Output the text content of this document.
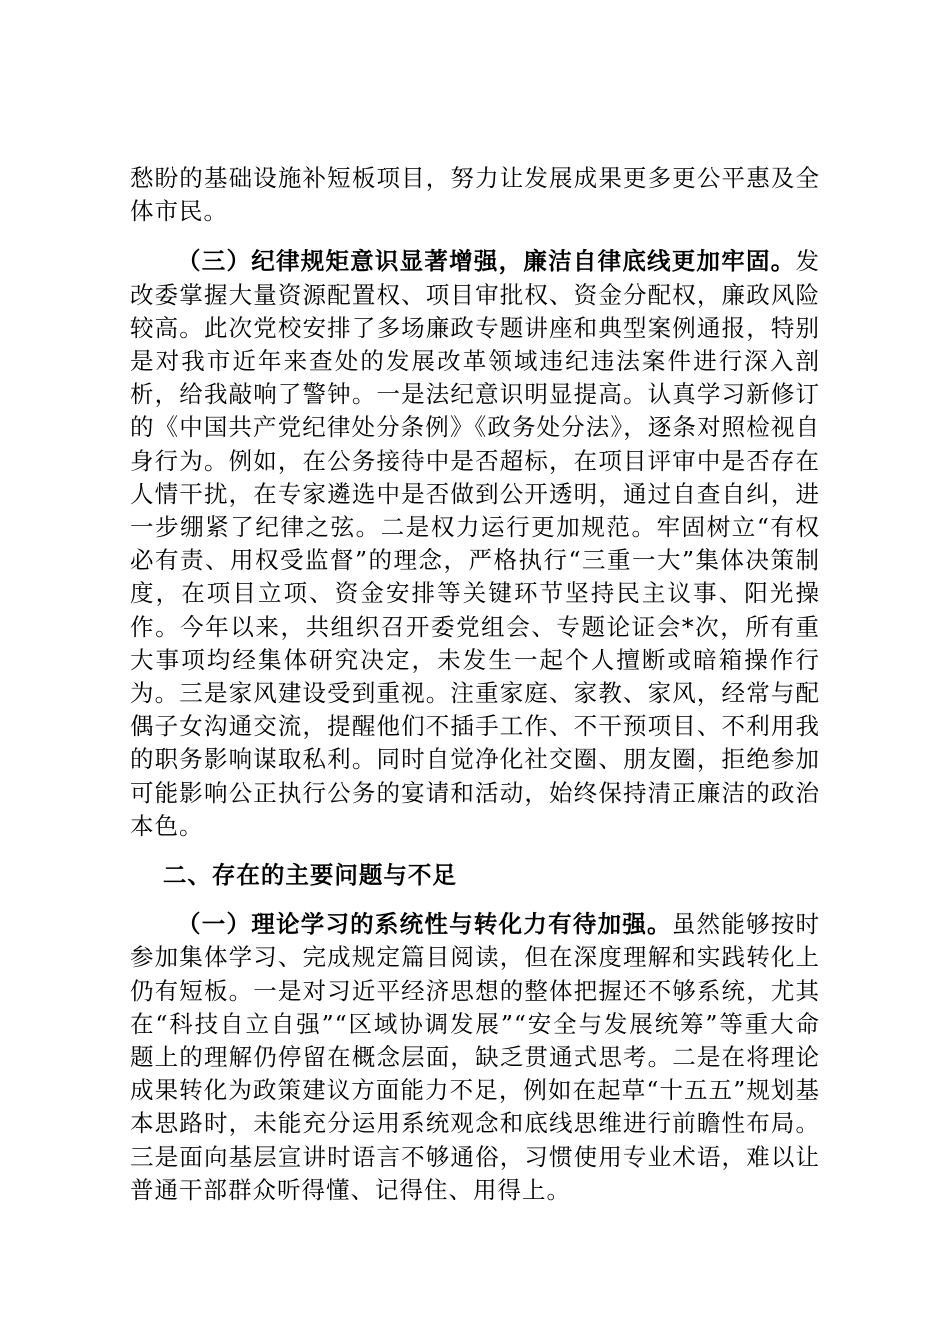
愁盼的基础设施补短板项目，努力让发展成果更多更公平惠及全体市民。

（三）纪律规矩意识显著增强，廉洁自律底线更加牢固。发改委掌握大量资源配置权、项目审批权、资金分配权，廉政风险较高。此次党校安排了多场廉政专题讲座和典型案例通报，特别是对我市近年来查处的发展改革领域违纪违法案件进行深入剖析，给我敲响了警钟。一是法纪意识明显提高。认真学习新修订的《中国共产党纪律处分条例》《政务处分法》，逐条对照检视自身行为。例如，在公务接待中是否超标，在项目评审中是否存在人情干扰，在专家遴选中是否做到公开透明，通过自查自纠，进一步绷紧了纪律之弦。二是权力运行更加规范。牢固树立“有权必有责、用权受监督”的理念，严格执行“三重一大”集体决策制度，在项目立项、资金安排等关键环节坚持民主议事、阳光操作。今年以来，共组织召开委党组会、专题论证会*次，所有重大事项均经集体研究决定，未发生一起个人擅断或暗箱操作行为。三是家风建设受到重视。注重家庭、家教、家风，经常与配偶子女沟通交流，提醒他们不插手工作、不干预项目、不利用我的职务影响谋取私利。同时自觉净化社交圈、朋友圈，拒绝参加可能影响公正执行公务的宴请和活动，始终保持清正廉洁的政治本色。

二、存在的主要问题与不足

（一）理论学习的系统性与转化力有待加强。虽然能够按时参加集体学习、完成规定篇目阅读，但在深度理解和实践转化上仍有短板。一是对习近平经济思想的整体把握还不够系统，尤其在“科技自立自强”“区域协调发展”“安全与发展统筹”等重大命题上的理解仍停留在概念层面，缺乏贯通式思考。二是在将理论成果转化为政策建议方面能力不足，例如在起草“十五五”规划基本思路时，未能充分运用系统观念和底线思维进行前瞻性布局。三是面向基层宣讲时语言不够通俗，习惯使用专业术语，难以让普通干部群众听得懂、记得住、用得上。
